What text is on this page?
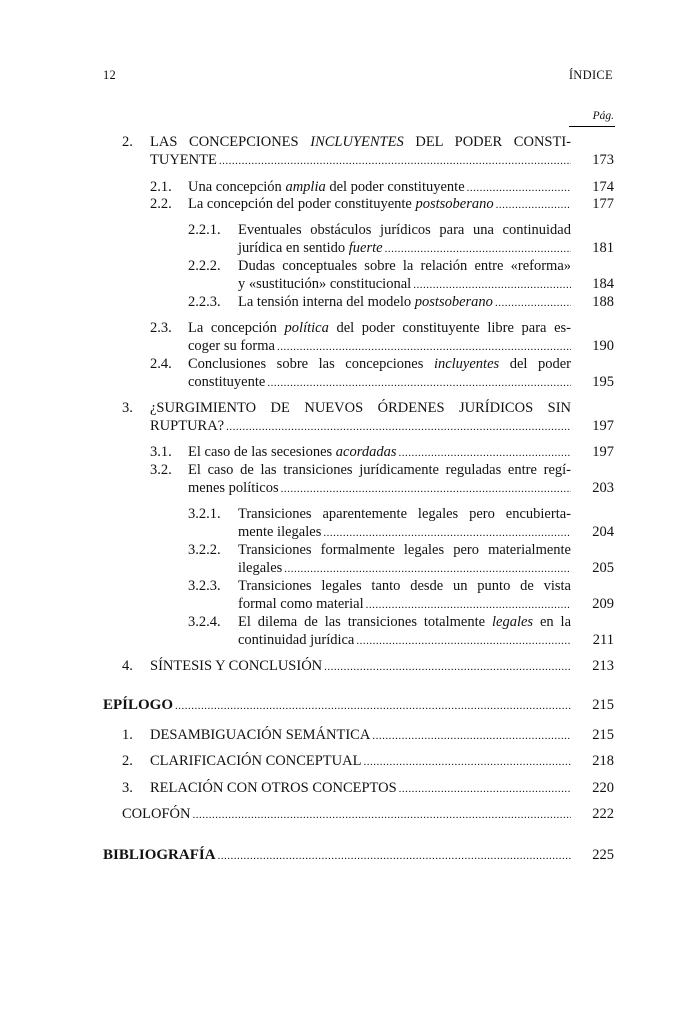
12	ÍNDICE
Pág.
2. LAS CONCEPCIONES INCLUYENTES DEL PODER CONSTI-
TUYENTE .....	173
2.1. Una concepción amplia del poder constituyente .....	174
2.2. La concepción del poder constituyente postsoberano .....	177
2.2.1. Eventuales obstáculos jurídicos para una continuidad
jurídica en sentido fuerte .....	181
2.2.2. Dudas conceptuales sobre la relación entre «reforma»
y «sustitución» constitucional .....	184
2.2.3. La tensión interna del modelo postsoberano .....	188
2.3. La concepción política del poder constituyente libre para es-
coger su forma .....	190
2.4. Conclusiones sobre las concepciones incluyentes del poder
constituyente .....	195
3. ¿SURGIMIENTO DE NUEVOS ÓRDENES JURÍDICOS SIN
RUPTURA? .....	197
3.1. El caso de las secesiones acordadas .....	197
3.2. El caso de las transiciones jurídicamente reguladas entre regí-
menes políticos .....	203
3.2.1. Transiciones aparentemente legales pero encubierta-
mente ilegales .....	204
3.2.2. Transiciones formalmente legales pero materialmente
ilegales .....	205
3.2.3. Transiciones legales tanto desde un punto de vista
formal como material .....	209
3.2.4. El dilema de las transiciones totalmente legales en la
continuidad jurídica .....	211
4. SÍNTESIS Y CONCLUSIÓN .....	213
EPÍLOGO .....	215
1. DESAMBIGUACIÓN SEMÁNTICA .....	215
2. CLARIFICACIÓN CONCEPTUAL .....	218
3. RELACIÓN CON OTROS CONCEPTOS .....	220
COLOFÓN .....	222
BIBLIOGRAFÍA .....	225
